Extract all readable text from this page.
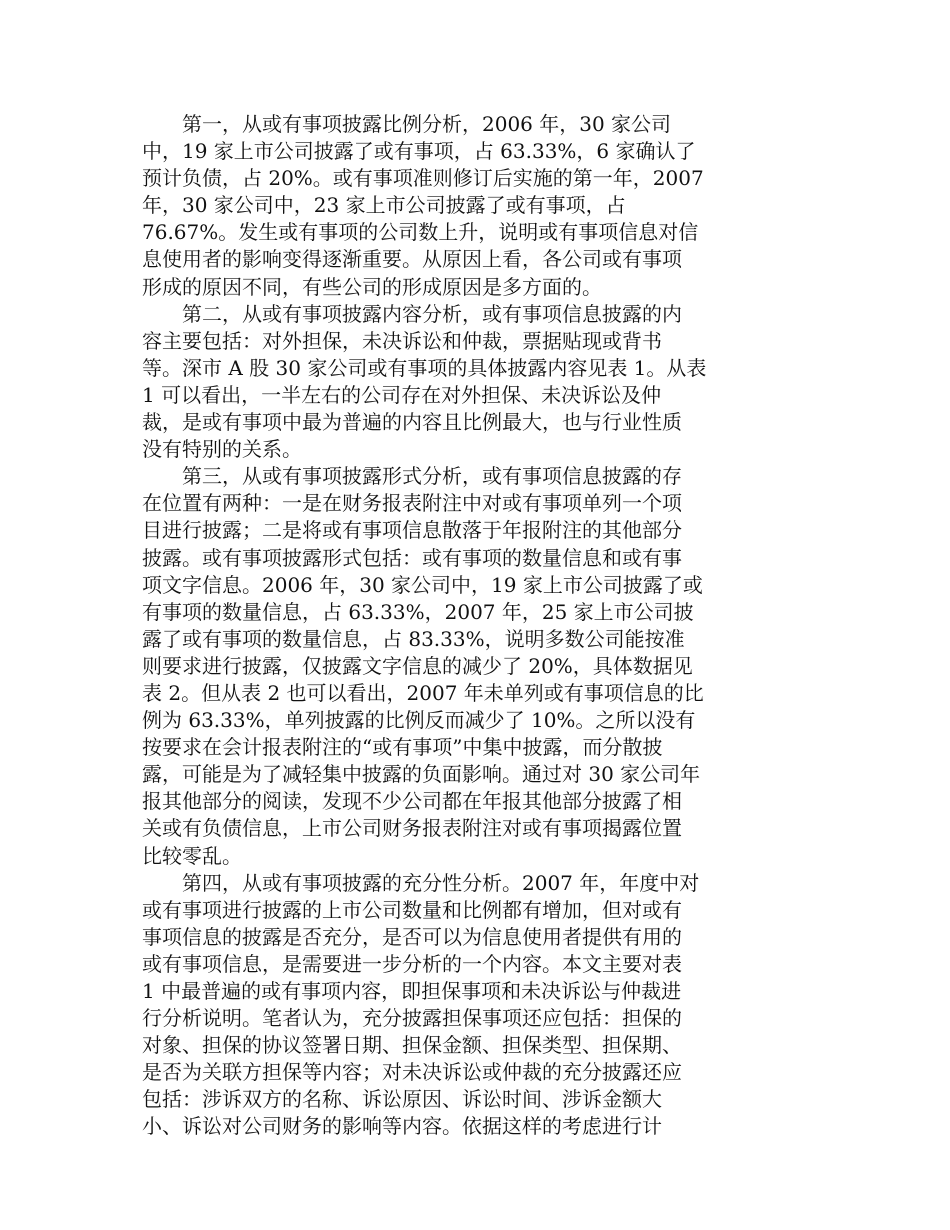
第一，从或有事项披露比例分析，2006 年，30 家公司
中，19 家上市公司披露了或有事项，占 63.33%，6 家确认了
预计负债，占 20%。或有事项准则修订后实施的第一年，2007
年，30 家公司中，23 家上市公司披露了或有事项，占
76.67%。发生或有事项的公司数上升，说明或有事项信息对信
息使用者的影响变得逐渐重要。从原因上看，各公司或有事项
形成的原因不同，有些公司的形成原因是多方面的。
第二，从或有事项披露内容分析，或有事项信息披露的内
容主要包括：对外担保，未决诉讼和仲裁，票据贴现或背书
等。深市 A 股 30 家公司或有事项的具体披露内容见表 1。从表
1 可以看出，一半左右的公司存在对外担保、未决诉讼及仲
裁，是或有事项中最为普遍的内容且比例最大，也与行业性质
没有特别的关系。
第三，从或有事项披露形式分析，或有事项信息披露的存
在位置有两种：一是在财务报表附注中对或有事项单列一个项
目进行披露；二是将或有事项信息散落于年报附注的其他部分
披露。或有事项披露形式包括：或有事项的数量信息和或有事
项文字信息。2006 年，30 家公司中，19 家上市公司披露了或
有事项的数量信息，占 63.33%，2007 年，25 家上市公司披
露了或有事项的数量信息，占 83.33%，说明多数公司能按准
则要求进行披露，仅披露文字信息的减少了 20%，具体数据见
表 2。但从表 2 也可以看出，2007 年未单列或有事项信息的比
例为 63.33%，单列披露的比例反而减少了 10%。之所以没有
按要求在会计报表附注的“或有事项”中集中披露，而分散披
露，可能是为了减轻集中披露的负面影响。通过对 30 家公司年
报其他部分的阅读，发现不少公司都在年报其他部分披露了相
关或有负债信息，上市公司财务报表附注对或有事项揭露位置
比较零乱。
第四，从或有事项披露的充分性分析。2007 年，年度中对
或有事项进行披露的上市公司数量和比例都有增加，但对或有
事项信息的披露是否充分，是否可以为信息使用者提供有用的
或有事项信息，是需要进一步分析的一个内容。本文主要对表
1 中最普遍的或有事项内容，即担保事项和未决诉讼与仲裁进
行分析说明。笔者认为，充分披露担保事项还应包括：担保的
对象、担保的协议签署日期、担保金额、担保类型、担保期、
是否为关联方担保等内容；对未决诉讼或仲裁的充分披露还应
包括：涉诉双方的名称、诉讼原因、诉讼时间、涉诉金额大
小、诉讼对公司财务的影响等内容。依据这样的考虑进行计
